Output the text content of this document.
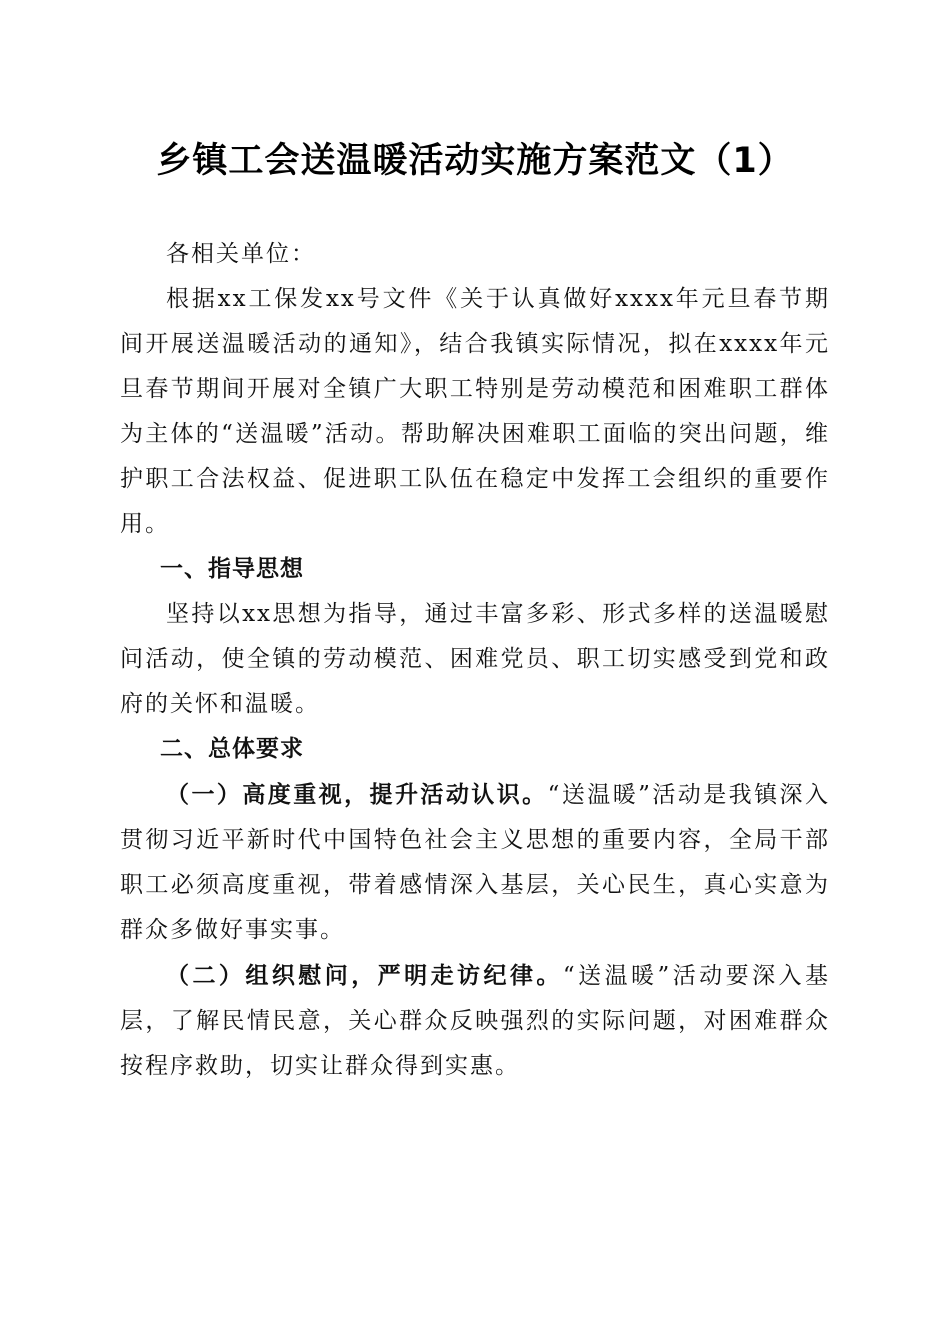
乡镇工会送温暖活动实施方案范文（1）

各相关单位：

根据xx工保发xx号文件《关于认真做好xxxx年元旦春节期间开展送温暖活动的通知》，结合我镇实际情况，拟在xxxx年元旦春节期间开展对全镇广大职工特别是劳动模范和困难职工群体为主体的“送温暖”活动。帮助解决困难职工面临的突出问题，维护职工合法权益、促进职工队伍在稳定中发挥工会组织的重要作用。

一、指导思想

坚持以xx思想为指导，通过丰富多彩、形式多样的送温暖慰问活动，使全镇的劳动模范、困难党员、职工切实感受到党和政府的关怀和温暖。

二、总体要求

（一）高度重视，提升活动认识。“送温暖”活动是我镇深入贯彻习近平新时代中国特色社会主义思想的重要内容，全局干部职工必须高度重视，带着感情深入基层，关心民生，真心实意为群众多做好事实事。

（二）组织慰问，严明走访纪律。“送温暖”活动要深入基层，了解民情民意，关心群众反映强烈的实际问题，对困难群众按程序救助，切实让群众得到实惠。
